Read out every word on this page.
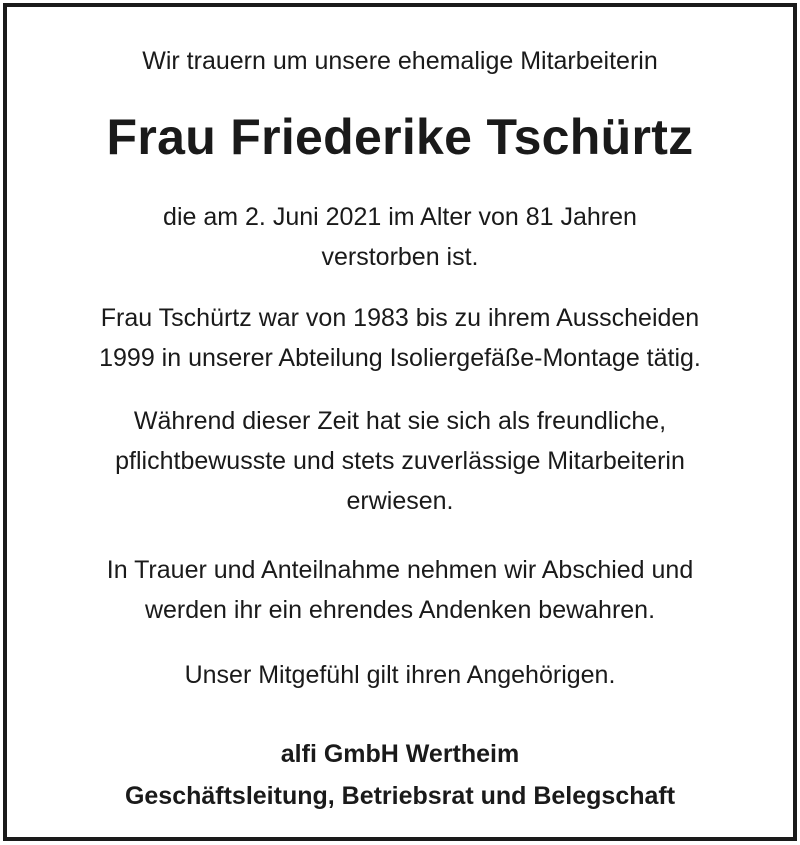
Wir trauern um unsere ehemalige Mitarbeiterin
Frau Friederike Tschürtz
die am 2. Juni 2021 im Alter von 81 Jahren
verstorben ist.
Frau Tschürtz war von 1983 bis zu ihrem Ausscheiden
1999 in unserer Abteilung Isoliergefäße-Montage tätig.
Während dieser Zeit hat sie sich als freundliche,
pflichtbewusste und stets zuverlässige Mitarbeiterin
erwiesen.
In Trauer und Anteilnahme nehmen wir Abschied und
werden ihr ein ehrendes Andenken bewahren.
Unser Mitgefühl gilt ihren Angehörigen.
alfi GmbH Wertheim
Geschäftsleitung, Betriebsrat und Belegschaft
